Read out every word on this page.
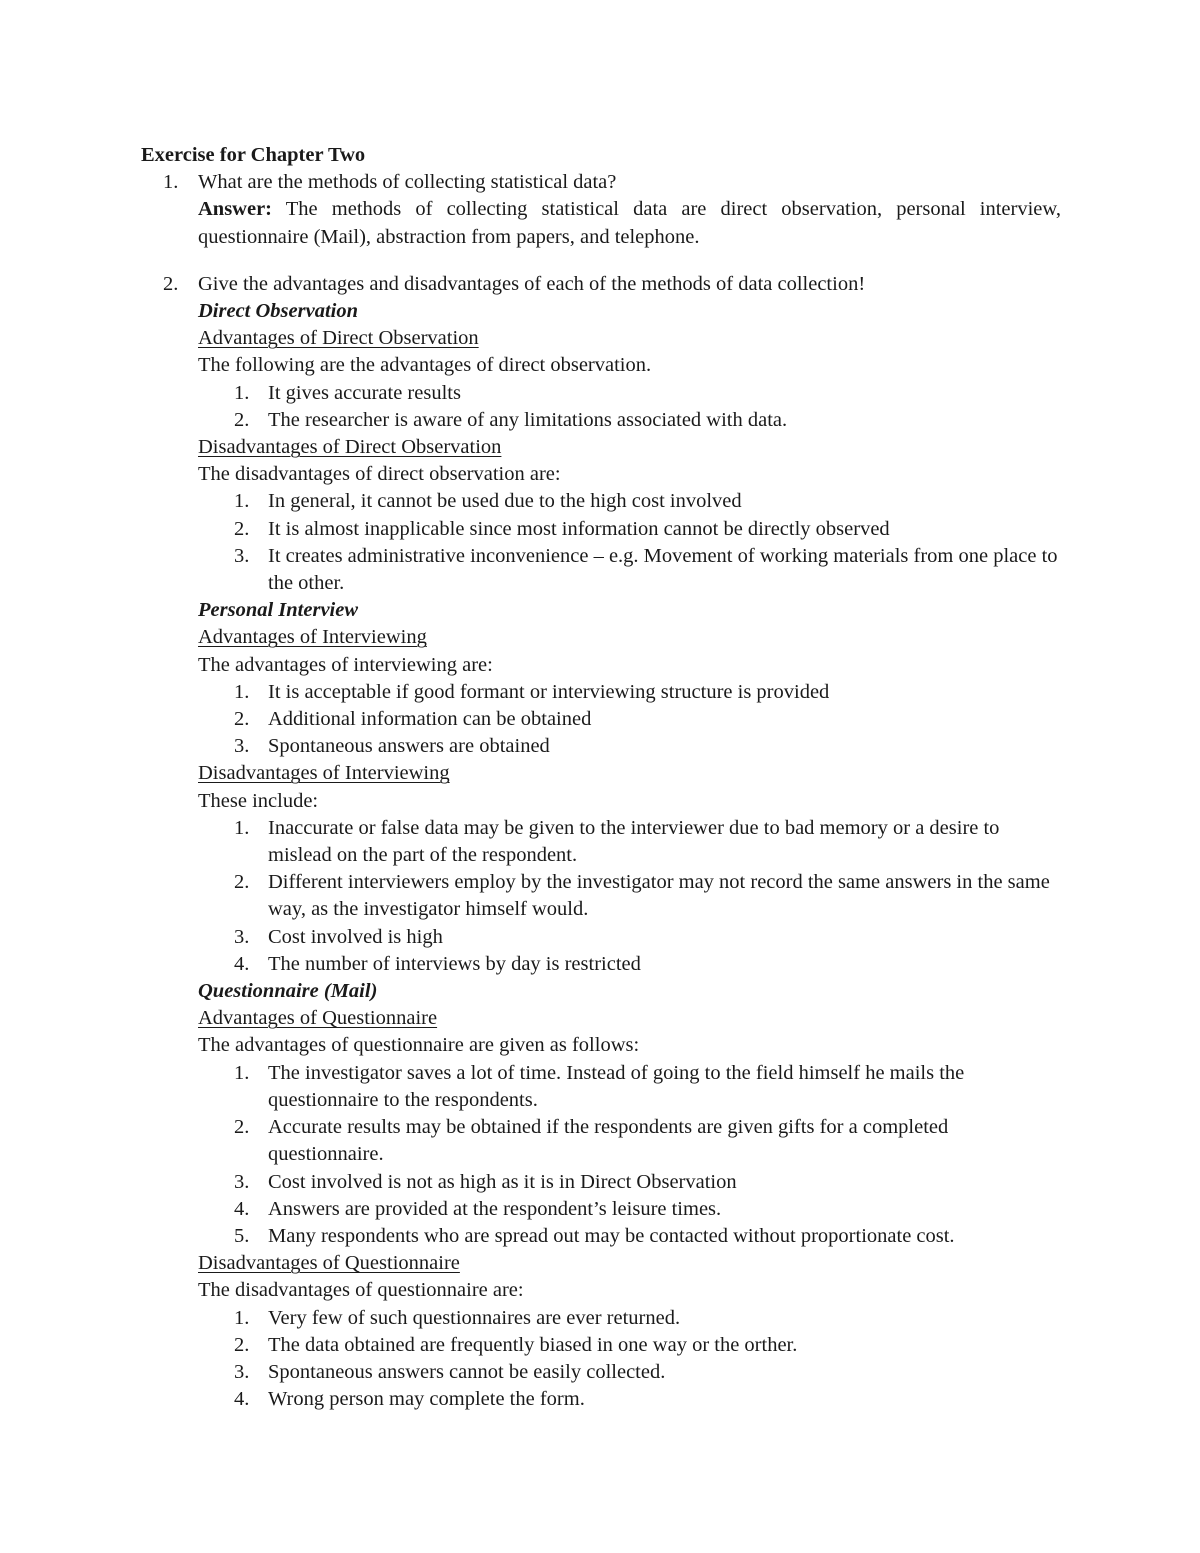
Exercise for Chapter Two

1. What are the methods of collecting statistical data?

Answer: The methods of collecting statistical data are direct observation, personal interview, questionnaire (Mail), abstraction from papers, and telephone.

2. Give the advantages and disadvantages of each of the methods of data collection!

Direct Observation

Advantages of Direct Observation

The following are the advantages of direct observation.

1. It gives accurate results
2. The researcher is aware of any limitations associated with data.

Disadvantages of Direct Observation

The disadvantages of direct observation are:

1. In general, it cannot be used due to the high cost involved
2. It is almost inapplicable since most information cannot be directly observed
3. It creates administrative inconvenience – e.g. Movement of working materials from one place to the other.

Personal Interview

Advantages of Interviewing

The advantages of interviewing are:

1. It is acceptable if good formant or interviewing structure is provided
2. Additional information can be obtained
3. Spontaneous answers are obtained

Disadvantages of Interviewing

These include:

1. Inaccurate or false data may be given to the interviewer due to bad memory or a desire to mislead on the part of the respondent.
2. Different interviewers employ by the investigator may not record the same answers in the same way, as the investigator himself would.
3. Cost involved is high
4. The number of interviews by day is restricted

Questionnaire (Mail)

Advantages of Questionnaire

The advantages of questionnaire are given as follows:

1. The investigator saves a lot of time. Instead of going to the field himself he mails the questionnaire to the respondents.
2. Accurate results may be obtained if the respondents are given gifts for a completed questionnaire.
3. Cost involved is not as high as it is in Direct Observation
4. Answers are provided at the respondent’s leisure times.
5. Many respondents who are spread out may be contacted without proportionate cost.

Disadvantages of Questionnaire

The disadvantages of questionnaire are:

1. Very few of such questionnaires are ever returned.
2. The data obtained are frequently biased in one way or the orther.
3. Spontaneous answers cannot be easily collected.
4. Wrong person may complete the form.
